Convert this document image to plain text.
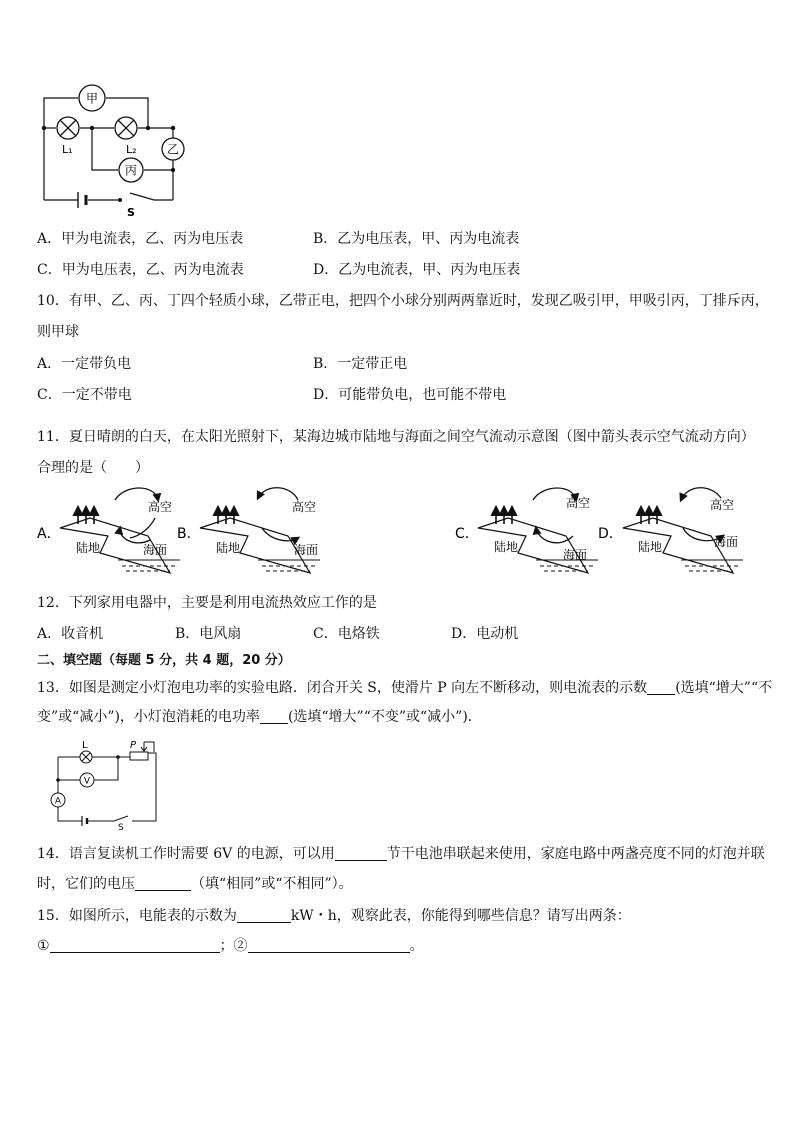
甲
乙
丙
L₁	L₂
S
A．甲为电流表，乙、丙为电压表	B．乙为电压表，甲、丙为电流表
C．甲为电压表，乙、丙为电流表	D．乙为电流表，甲、丙为电压表
10．有甲、乙、丙、丁四个轻质小球，乙带正电，把四个小球分别两两靠近时，发现乙吸引甲，甲吸引丙，丁排斥丙，
则甲球
A．一定带负电	B．一定带正电
C．一定不带电	D．可能带负电，也可能不带电
11．夏日晴朗的白天，在太阳光照射下，某海边城市陆地与海面之间空气流动示意图（图中箭头表示空气流动方向）
合理的是（　　）
A．	B．	C．	D．
高空
陆地	海面
高空
陆地	海面
高空
陆地
海面
高空
陆地	海面
12．下列家用电器中，主要是利用电流热效应工作的是
A．收音机	B．电风扇	C．电烙铁	D．电动机
二、填空题（每题 5 分，共 4 题，20 分）
13．如图是测定小灯泡电功率的实验电路．闭合开关 S，使滑片 P 向左不断移动，则电流表的示数 (选填“增大”“不
变”或“减小”)，小灯泡消耗的电功率 (选填“增大”“不变”或“减小”)．
V
A
L	P
S
14．语言复读机工作时需要 6V 的电源，可以用	节干电池串联起来使用，家庭电路中两盏亮度不同的灯泡并联
时，它们的电压	（填“相同”或“不相同”）。
15．如图所示，电能表的示数为	kW・h，观察此表，你能得到哪些信息？请写出两条：
①	；②	。
